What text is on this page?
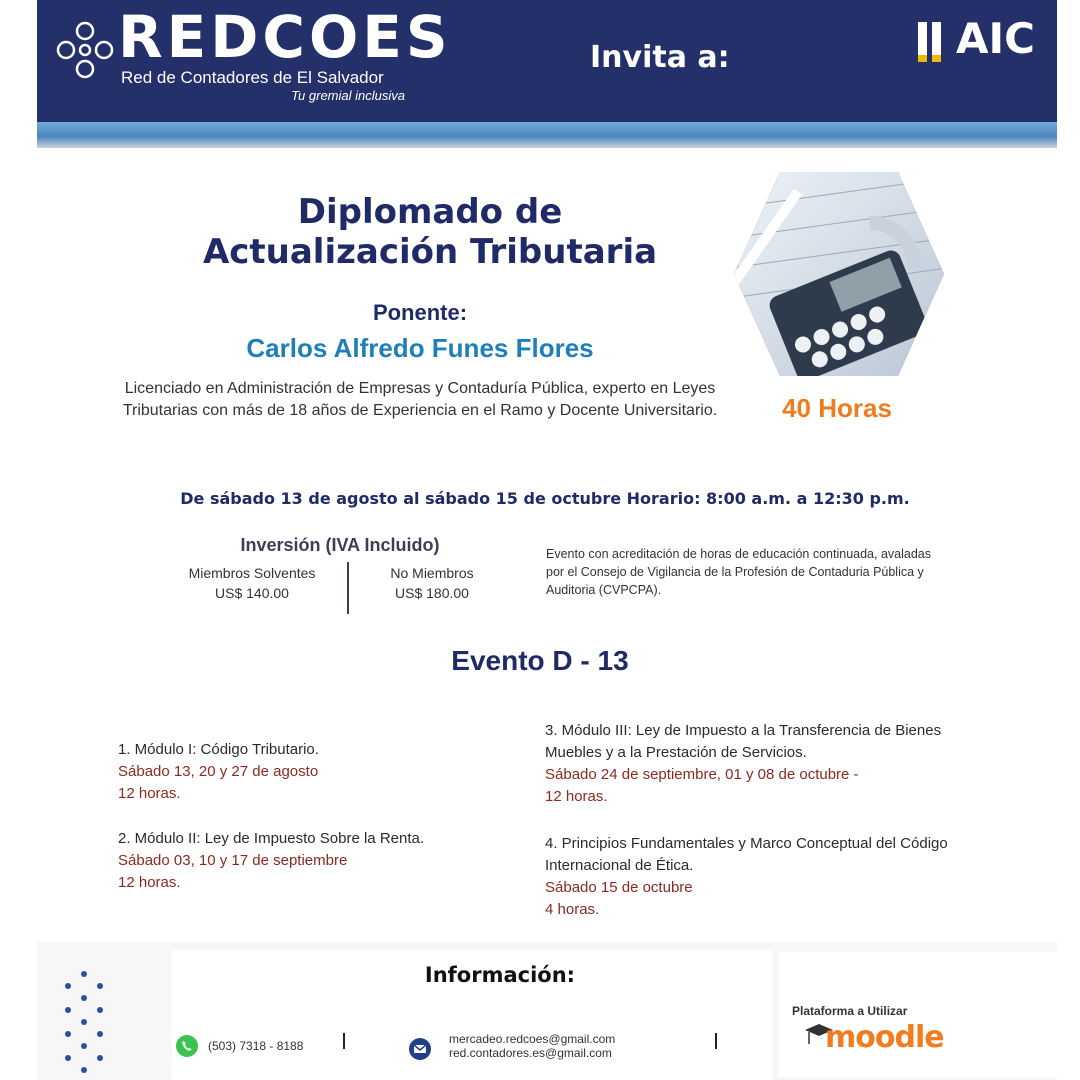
REDCOES
Red de Contadores de El Salvador
Tu gremial inclusiva
Invita a:	AIC
Diplomado de
Actualización Tributaria
Ponente:
Carlos Alfredo Funes Flores
Licenciado en Administración de Empresas y Contaduría Pública, experto en Leyes Tributarias con más de 18 años de Experiencia en el Ramo y Docente Universitario.	40 Horas
De sábado 13 de agosto al sábado 15 de octubre Horario: 8:00 a.m. a 12:30 p.m.
Inversión (IVA Incluido)
Miembros Solventes
US$ 140.00
No Miembros
US$ 180.00
Evento con acreditación de horas de educación continuada, avaladas por el Consejo de Vigilancia de la Profesión de Contaduria Pública y Auditoria (CVPCPA).
Evento D - 13
1. Módulo I: Código Tributario.
Sábado 13, 20 y 27 de agosto
12 horas.
2. Módulo II: Ley de Impuesto Sobre la Renta.
Sábado 03, 10 y 17 de septiembre
12 horas.
3. Módulo III: Ley de Impuesto a la Transferencia de Bienes Muebles y a la Prestación de Servicios.
Sábado 24 de septiembre, 01 y 08 de octubre -
12 horas.
4. Principios Fundamentales y Marco Conceptual del Código Internacional de Ética.
Sábado 15 de octubre
4 horas.
Información:
(503) 7318 - 8188	mercadeo.redcoes@gmail.com
red.contadores.es@gmail.com
Plataforma a Utilizar
moodle
